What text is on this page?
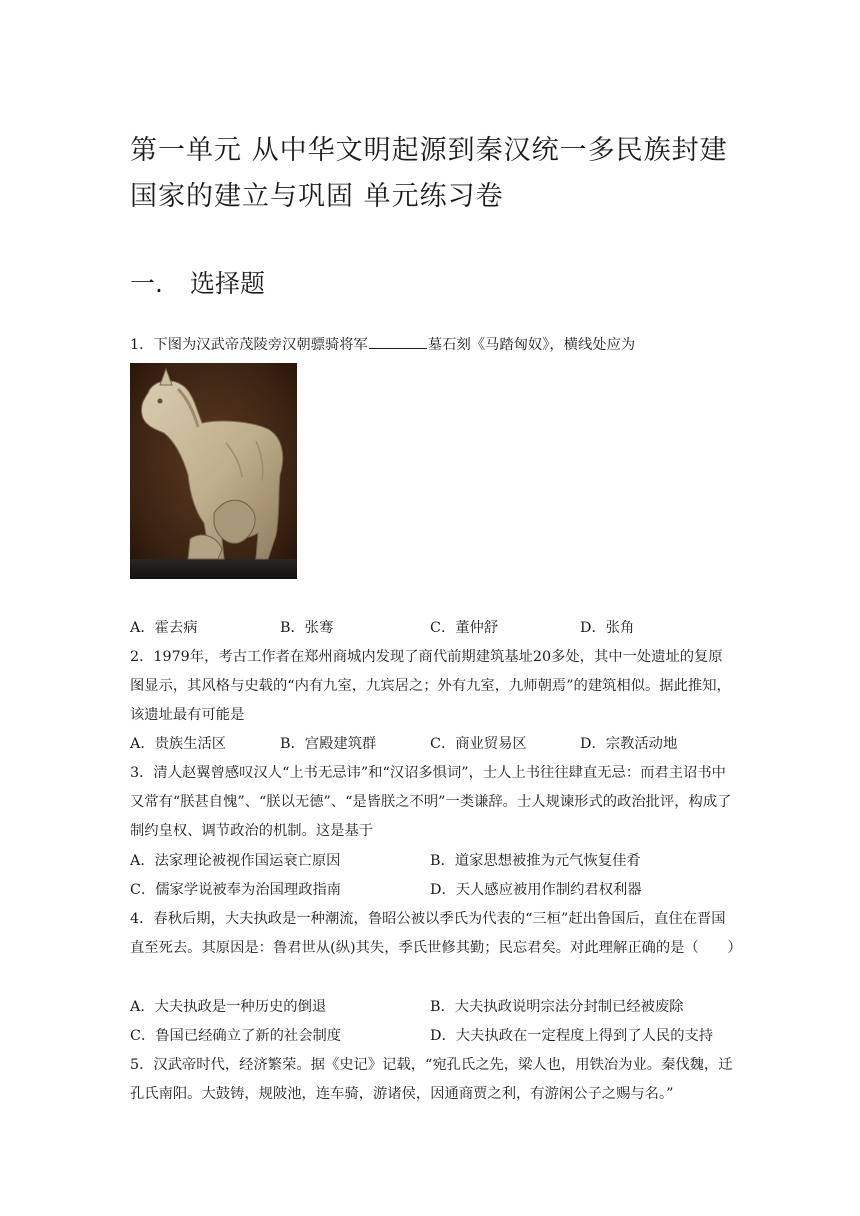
第一单元 从中华文明起源到秦汉统一多民族封建国家的建立与巩固 单元练习卷
一. 选择题
1．下图为汉武帝茂陵旁汉朝骠骑将军	墓石刻《马踏匈奴》，横线处应为
A．霍去病	B．张骞	C．董仲舒	D．张角
2．1979年，考古工作者在郑州商城内发现了商代前期建筑基址20多处，其中一处遗址的复原图显示，其风格与史载的“内有九室，九宾居之；外有九室，九师朝焉”的建筑相似。据此推知，该遗址最有可能是
A．贵族生活区	B．宫殿建筑群	C．商业贸易区	D．宗教活动地
3．清人赵翼曾感叹汉人“上书无忌讳”和“汉诏多惧词”，士人上书往往肆直无忌：而君主诏书中又常有“朕甚自愧”、“朕以无德”、“是皆朕之不明”一类谦辞。士人规谏形式的政治批评，构成了制约皇权、调节政治的机制。这是基于
A．法家理论被视作国运衰亡原因	B．道家思想被推为元气恢复佳肴
C．儒家学说被奉为治国理政指南	D．天人感应被用作制约君权利器
4．春秋后期，大夫执政是一种潮流，鲁昭公被以季氏为代表的“三桓”赶出鲁国后，直住在晋国直至死去。其原因是：鲁君世从(纵)其失，季氏世修其勤；民忘君矣。对此理解正确的是（　　）
A．大夫执政是一种历史的倒退	B．大夫执政说明宗法分封制已经被废除
C．鲁国已经确立了新的社会制度	D．大夫执政在一定程度上得到了人民的支持
5．汉武帝时代，经济繁荣。据《史记》记载，“宛孔氏之先，梁人也，用铁冶为业。秦伐魏，迁孔氏南阳。大鼓铸，规陂池，连车骑，游诸侯，因通商贾之利，有游闲公子之赐与名。”
